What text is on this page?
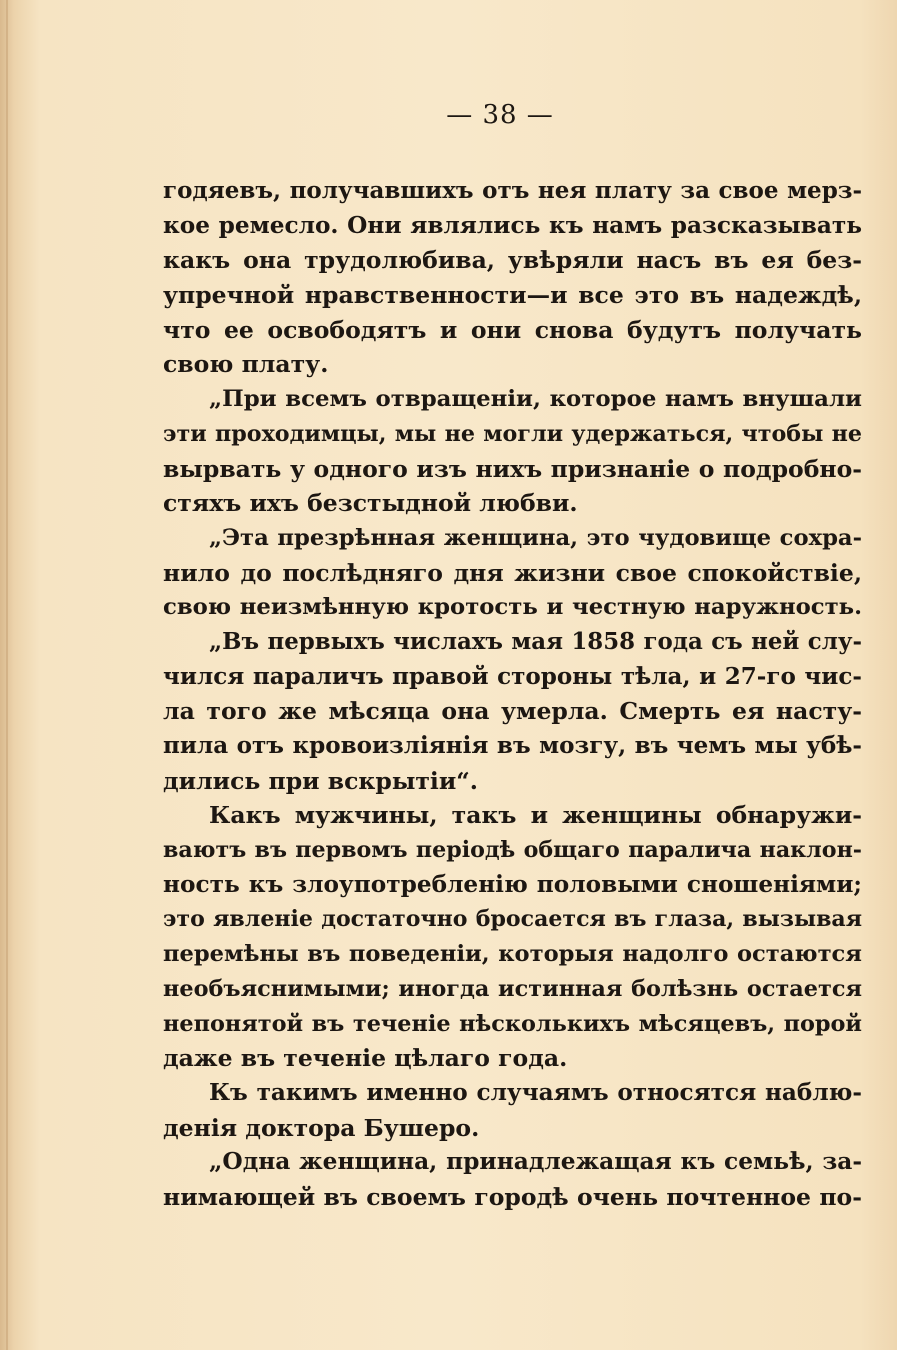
— 38 —
годяевъ, получавшихъ отъ нея плату за свое мерз-
кое ремесло. Они являлись къ намъ разсказывать
какъ она трудолюбива, увѣряли насъ въ ея без-
упречной нравственности—и все это въ надеждѣ,
что ее освободятъ и они снова будутъ получать
свою плату.
„При всемъ отвращеніи, которое намъ внушали
эти проходимцы, мы не могли удержаться, чтобы не
вырвать у одного изъ нихъ признаніе о подробно-
стяхъ ихъ безстыдной любви.
„Эта презрѣнная женщина, это чудовище сохра-
нило до послѣдняго дня жизни свое спокойствіе,
свою неизмѣнную кротость и честную наружность.
„Въ первыхъ числахъ мая 1858 года съ ней слу-
чился параличъ правой стороны тѣла, и 27-го чис-
ла того же мѣсяца она умерла. Смерть ея насту-
пила отъ кровоизліянія въ мозгу, въ чемъ мы убѣ-
дились при вскрытіи“.
Какъ мужчины, такъ и женщины обнаружи-
ваютъ въ первомъ періодѣ общаго паралича наклон-
ность къ злоупотребленію половыми сношеніями;
это явленіе достаточно бросается въ глаза, вызывая
перемѣны въ поведеніи, которыя надолго остаются
необъяснимыми; иногда истинная болѣзнь остается
непонятой въ теченіе нѣсколькихъ мѣсяцевъ, порой
даже въ теченіе цѣлаго года.
Къ такимъ именно случаямъ относятся наблю-
денія доктора Бушеро.
„Одна женщина, принадлежащая къ семьѣ, за-
нимающей въ своемъ городѣ очень почтенное по-
